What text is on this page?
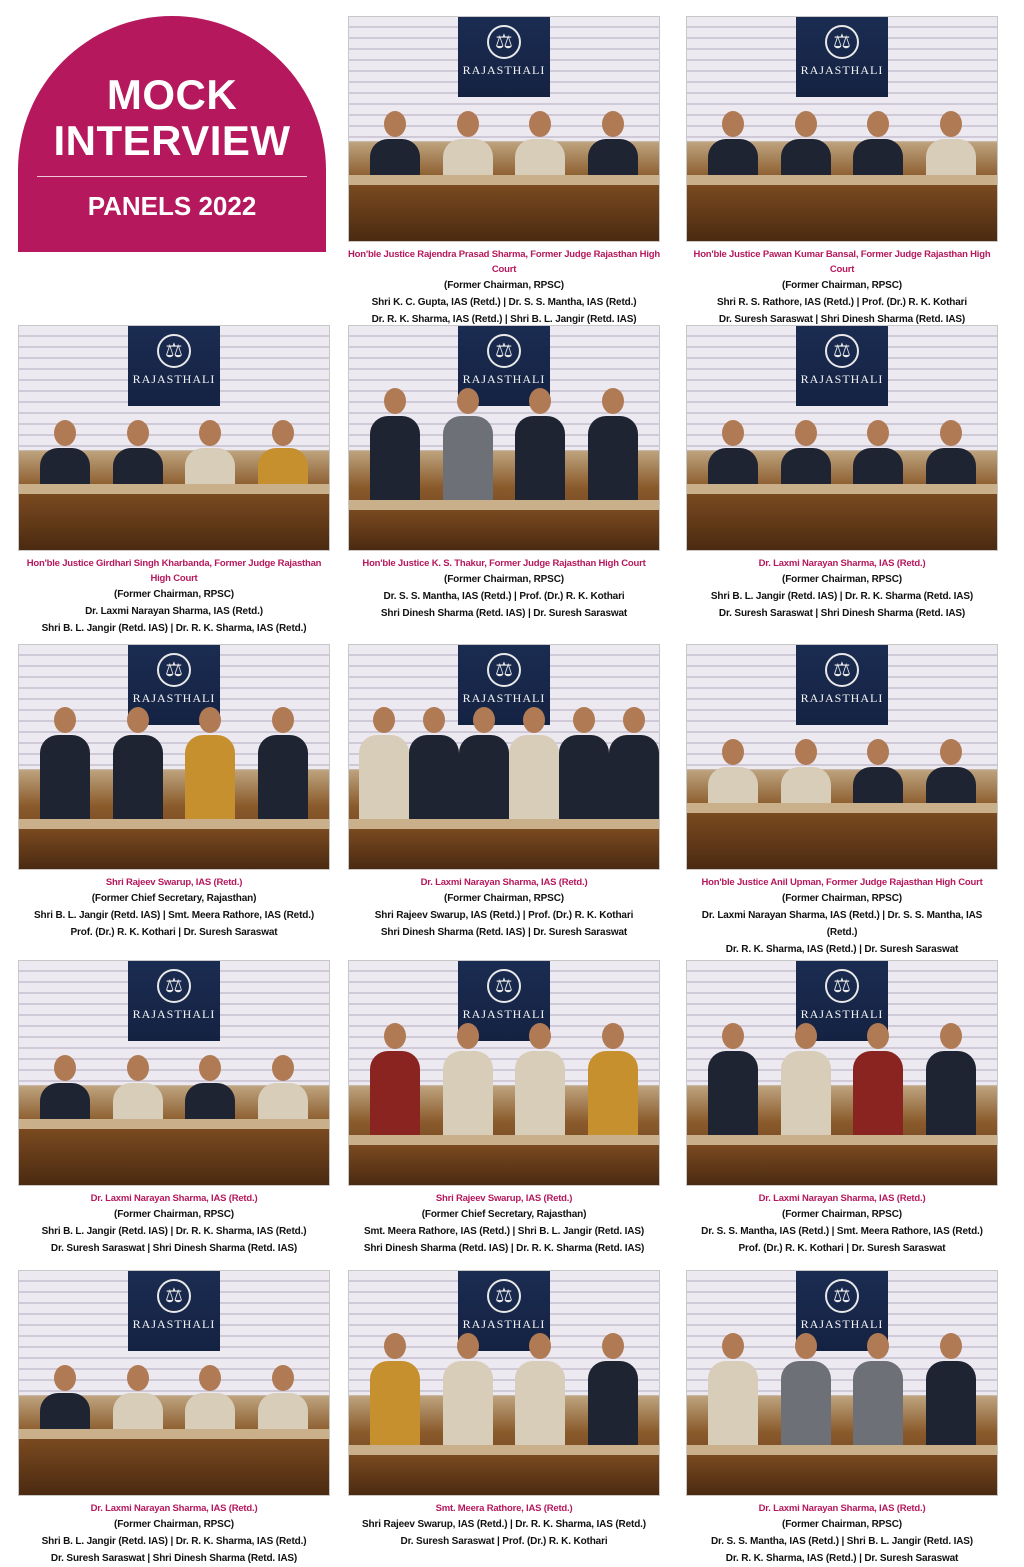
MOCK
INTERVIEW
PANELS 2022
⚖
RAJASTHALI
Hon'ble Justice Rajendra Prasad Sharma, Former Judge Rajasthan High Court
(Former Chairman, RPSC)
Shri K. C. Gupta, IAS (Retd.) | Dr. S. S. Mantha, IAS (Retd.)
Dr. R. K. Sharma, IAS (Retd.) | Shri B. L. Jangir (Retd. IAS)
⚖
RAJASTHALI
Hon'ble Justice Pawan Kumar Bansal, Former Judge Rajasthan High Court
(Former Chairman, RPSC)
Shri R. S. Rathore, IAS (Retd.) | Prof. (Dr.) R. K. Kothari
Dr. Suresh Saraswat | Shri Dinesh Sharma (Retd. IAS)
⚖
RAJASTHALI
Hon'ble Justice Girdhari Singh Kharbanda, Former Judge Rajasthan High Court
(Former Chairman, RPSC)
Dr. Laxmi Narayan Sharma, IAS (Retd.)
Shri B. L. Jangir (Retd. IAS) | Dr. R. K. Sharma, IAS (Retd.)
⚖
RAJASTHALI
Hon'ble Justice K. S. Thakur, Former Judge Rajasthan High Court
(Former Chairman, RPSC)
Dr. S. S. Mantha, IAS (Retd.) | Prof. (Dr.) R. K. Kothari
Shri Dinesh Sharma (Retd. IAS) | Dr. Suresh Saraswat
⚖
RAJASTHALI
Dr. Laxmi Narayan Sharma, IAS (Retd.)
(Former Chairman, RPSC)
Shri B. L. Jangir (Retd. IAS) | Dr. R. K. Sharma (Retd. IAS)
Dr. Suresh Saraswat | Shri Dinesh Sharma (Retd. IAS)
⚖
RAJASTHALI
Shri Rajeev Swarup, IAS (Retd.)
(Former Chief Secretary, Rajasthan)
Shri B. L. Jangir (Retd. IAS) | Smt. Meera Rathore, IAS (Retd.)
Prof. (Dr.) R. K. Kothari | Dr. Suresh Saraswat
⚖
RAJASTHALI
Dr. Laxmi Narayan Sharma, IAS (Retd.)
(Former Chairman, RPSC)
Shri Rajeev Swarup, IAS (Retd.) | Prof. (Dr.) R. K. Kothari
Shri Dinesh Sharma (Retd. IAS) | Dr. Suresh Saraswat
⚖
RAJASTHALI
Hon'ble Justice Anil Upman, Former Judge Rajasthan High Court
(Former Chairman, RPSC)
Dr. Laxmi Narayan Sharma, IAS (Retd.) | Dr. S. S. Mantha, IAS (Retd.)
Dr. R. K. Sharma, IAS (Retd.) | Dr. Suresh Saraswat
⚖
RAJASTHALI
Dr. Laxmi Narayan Sharma, IAS (Retd.)
(Former Chairman, RPSC)
Shri B. L. Jangir (Retd. IAS) | Dr. R. K. Sharma, IAS (Retd.)
Dr. Suresh Saraswat | Shri Dinesh Sharma (Retd. IAS)
⚖
RAJASTHALI
Shri Rajeev Swarup, IAS (Retd.)
(Former Chief Secretary, Rajasthan)
Smt. Meera Rathore, IAS (Retd.) | Shri B. L. Jangir (Retd. IAS)
Shri Dinesh Sharma (Retd. IAS) | Dr. R. K. Sharma (Retd. IAS)
⚖
RAJASTHALI
Dr. Laxmi Narayan Sharma, IAS (Retd.)
(Former Chairman, RPSC)
Dr. S. S. Mantha, IAS (Retd.) | Smt. Meera Rathore, IAS (Retd.)
Prof. (Dr.) R. K. Kothari | Dr. Suresh Saraswat
⚖
RAJASTHALI
Dr. Laxmi Narayan Sharma, IAS (Retd.)
(Former Chairman, RPSC)
Shri B. L. Jangir (Retd. IAS) | Dr. R. K. Sharma, IAS (Retd.)
Dr. Suresh Saraswat | Shri Dinesh Sharma (Retd. IAS)
⚖
RAJASTHALI
Smt. Meera Rathore, IAS (Retd.)
Shri Rajeev Swarup, IAS (Retd.) | Dr. R. K. Sharma, IAS (Retd.)
Dr. Suresh Saraswat | Prof. (Dr.) R. K. Kothari
⚖
RAJASTHALI
Dr. Laxmi Narayan Sharma, IAS (Retd.)
(Former Chairman, RPSC)
Dr. S. S. Mantha, IAS (Retd.) | Shri B. L. Jangir (Retd. IAS)
Dr. R. K. Sharma, IAS (Retd.) | Dr. Suresh Saraswat
